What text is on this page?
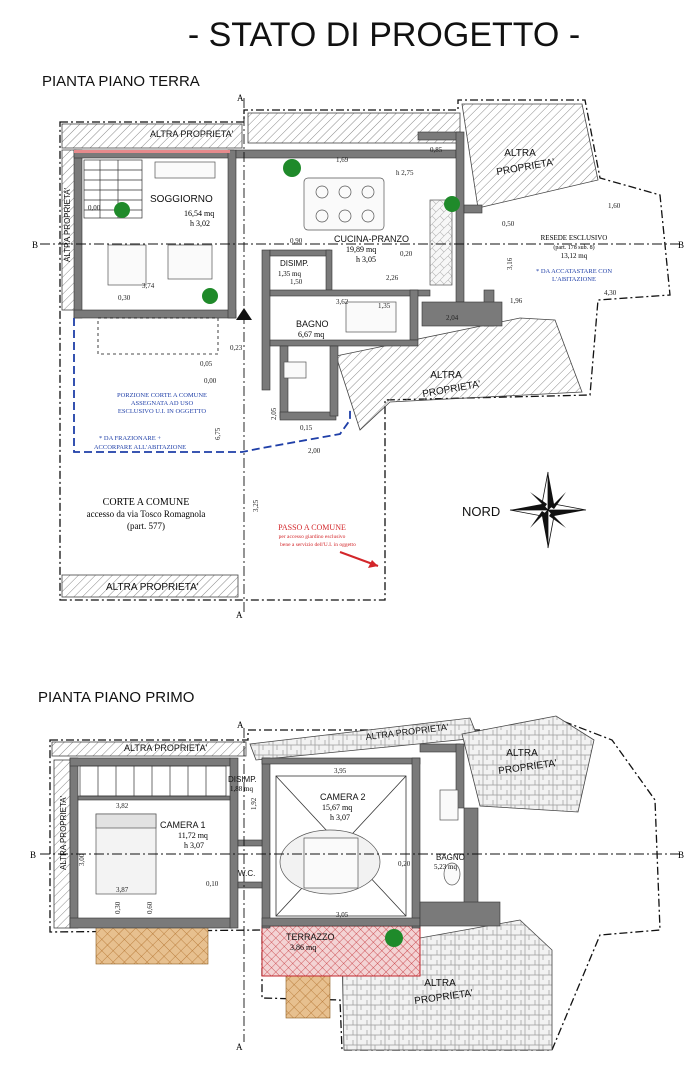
- STATO DI PROGETTO -
PIANTA PIANO TERRA
ALTRA PROPRIETA'
ALTRA
PROPRIETA'
ALTRA PROPRIETA'
ALTRA
PROPRIETA'
ALTRA PROPRIETA'	SOGGIORNO
16,54 mq
h 3,02
CUCINA-PRANZO
19,89 mq
h 3,05
DISIMP.
1,35 mq
BAGNO
6,67 mq
RESEDE ESCLUSIVO
(part. 178 sub. 8)
13,12 mq
* DA ACCATASTARE CON
L'ABITAZIONE
PORZIONE CORTE A COMUNE
ASSEGNATA AD USO
ESCLUSIVO U.I. IN OGGETTO
* DA FRAZIONARE +
ACCORPARE ALL'ABITAZIONE
CORTE A COMUNE
accesso da via Tosco Romagnola
(part. 577)	PASSO A COMUNE
per accesso giardino esclusivo
bene a servizio dell'U.I. in oggetto
NORD
A
A
B	B
1,69
0,85
h 2,75
3,74
3,62
2,26
1,50
0,90
0,30
0,05
0,00
0,15
2,00
3,25
6,75
1,60
4,30
0,50
3,16
0,00
1,96
2,04
1,35
0,20
2,05
0,23
PIANTA PIANO PRIMO
ALTRA PROPRIETA'
ALTRA PROPRIETA'
ALTRA
PROPRIETA'
ALTRA
PROPRIETA'
ALTRA PROPRIETA'	CAMERA 1
11,72 mq
h 3,07
CAMERA 2
15,67 mq
h 3,07
DISIMP.
1,88 mq
BAGNO
5,23 mq
W.C.
TERRAZZO
3,86 mq
A
A
B	B
3,82
3,95
3,87
3,05
0,20
0,10
3,00
0,30	0,60
1,92
